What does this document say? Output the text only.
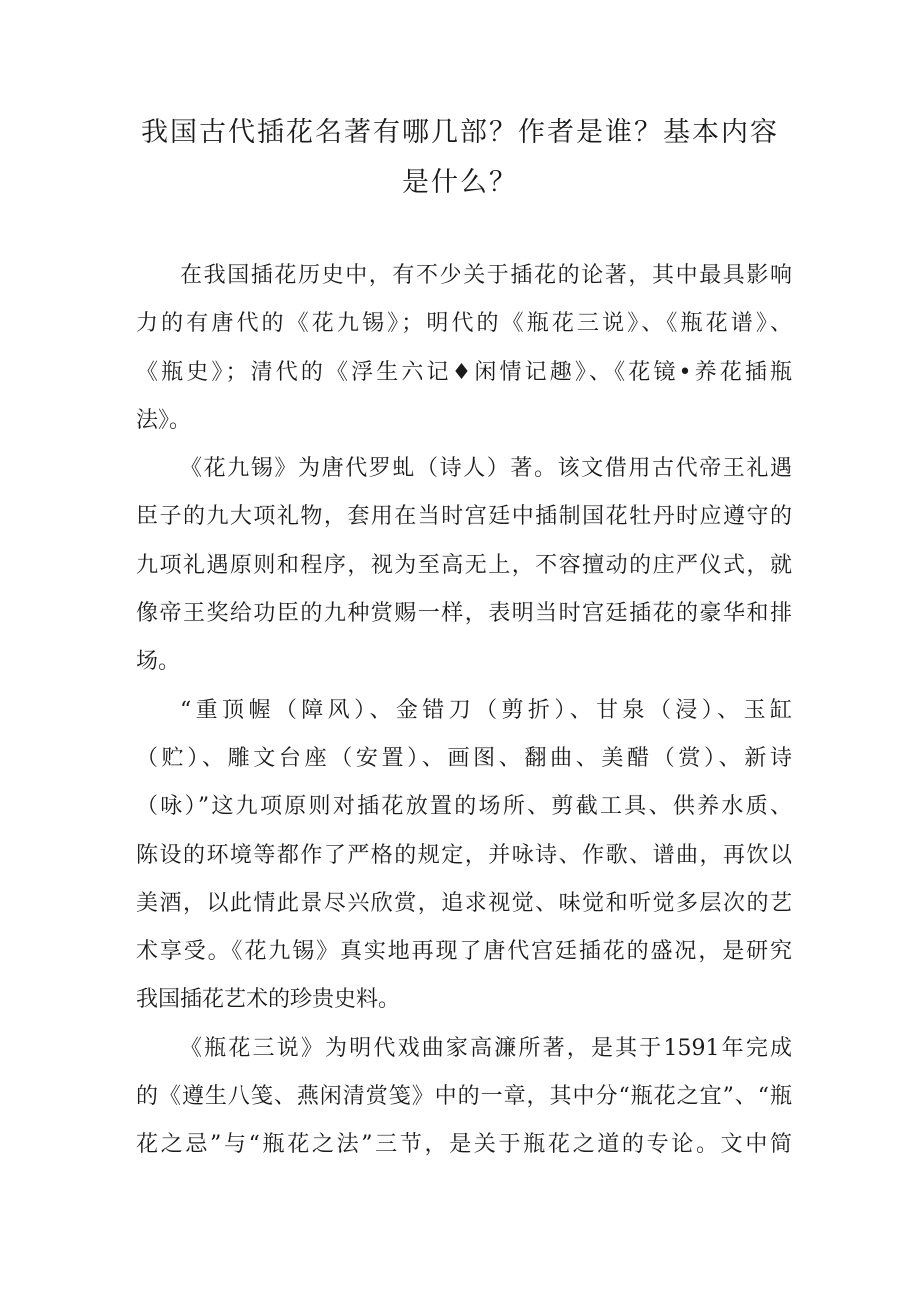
我国古代插花名著有哪几部？作者是谁？基本内容
是什么？
在我国插花历史中，有不少关于插花的论著，其中最具影响
力的有唐代的《花九锡》；明代的《瓶花三说》、《瓶花谱》、
《瓶史》；清代的《浮生六记♦闲情记趣》、《花镜•养花插瓶
法》。
《花九锡》为唐代罗虬（诗人）著。该文借用古代帝王礼遇
臣子的九大项礼物，套用在当时宫廷中插制国花牡丹时应遵守的
九项礼遇原则和程序，视为至高无上，不容擅动的庄严仪式，就
像帝王奖给功臣的九种赏赐一样，表明当时宫廷插花的豪华和排
场。
“重顶幄（障风）、金错刀（剪折）、甘泉（浸）、玉缸
（贮）、雕文台座（安置）、画图、翻曲、美醋（赏）、新诗
（咏）”这九项原则对插花放置的场所、剪截工具、供养水质、
陈设的环境等都作了严格的规定，并咏诗、作歌、谱曲，再饮以
美酒，以此情此景尽兴欣赏，追求视觉、味觉和听觉多层次的艺
术享受。《花九锡》真实地再现了唐代宫廷插花的盛况，是研究
我国插花艺术的珍贵史料。
《瓶花三说》为明代戏曲家高濂所著，是其于1591年完成
的《遵生八笺、燕闲清赏笺》中的一章，其中分“瓶花之宜”、“瓶
花之忌”与“瓶花之法”三节，是关于瓶花之道的专论。文中简
